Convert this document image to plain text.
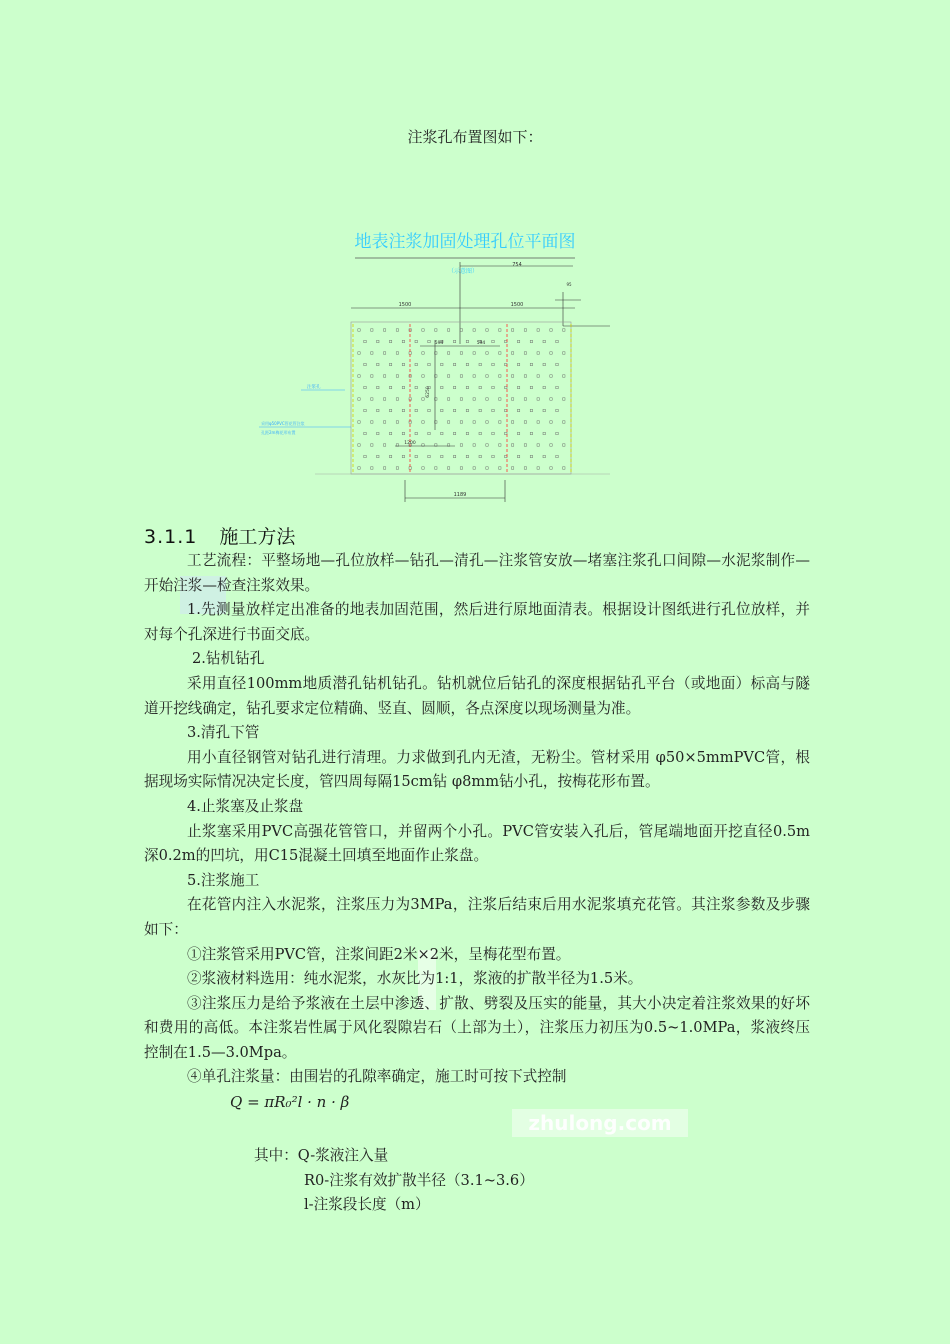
注浆孔布置图如下：
地表注浆加固处理孔位平面图
（示意图）
754
95
1500	1500
594	594
6250
1200
1189
注浆孔
采用φ50PVC管花管注浆
孔距2m梅花形布置
3.1.1 施工方法

工艺流程：平整场地—孔位放样—钻孔—清孔—注浆管安放—堵塞注浆孔口间隙—水泥浆制作—开始注浆—检查注浆效果。

1.先测量放样定出准备的地表加固范围，然后进行原地面清表。根据设计图纸进行孔位放样，并对每个孔深进行书面交底。

2.钻机钻孔

采用直径100mm地质潜孔钻机钻孔。钻机就位后钻孔的深度根据钻孔平台（或地面）标高与隧道开挖线确定，钻孔要求定位精确、竖直、圆顺，各点深度以现场测量为准。

3.清孔下管

用小直径钢管对钻孔进行清理。力求做到孔内无渣，无粉尘。管材采用 φ50×5mmPVC管，根据现场实际情况决定长度，管四周每隔15cm钻 φ8mm钻小孔，按梅花形布置。

4.止浆塞及止浆盘

止浆塞采用PVC高强花管管口，并留两个小孔。PVC管安装入孔后，管尾端地面开挖直径0.5m深0.2m的凹坑，用C15混凝土回填至地面作止浆盘。

5.注浆施工

在花管内注入水泥浆，注浆压力为3MPa，注浆后结束后用水泥浆填充花管。其注浆参数及步骤如下：

①注浆管采用PVC管，注浆间距2米×2米，呈梅花型布置。

②浆液材料选用：纯水泥浆，水灰比为1:1，浆液的扩散半径为1.5米。

③注浆压力是给予浆液在土层中渗透、扩散、劈裂及压实的能量，其大小决定着注浆效果的好坏和费用的高低。本注浆岩性属于风化裂隙岩石（上部为土），注浆压力初压为0.5~1.0MPa，浆液终压控制在1.5—3.0Mpa。

④单孔注浆量：由围岩的孔隙率确定，施工时可按下式控制

Q = πR₀²l · n · β

其中：Q-浆液注入量

R0-注浆有效扩散半径（3.1~3.6）

l-注浆段长度（m）

zhulong.com
